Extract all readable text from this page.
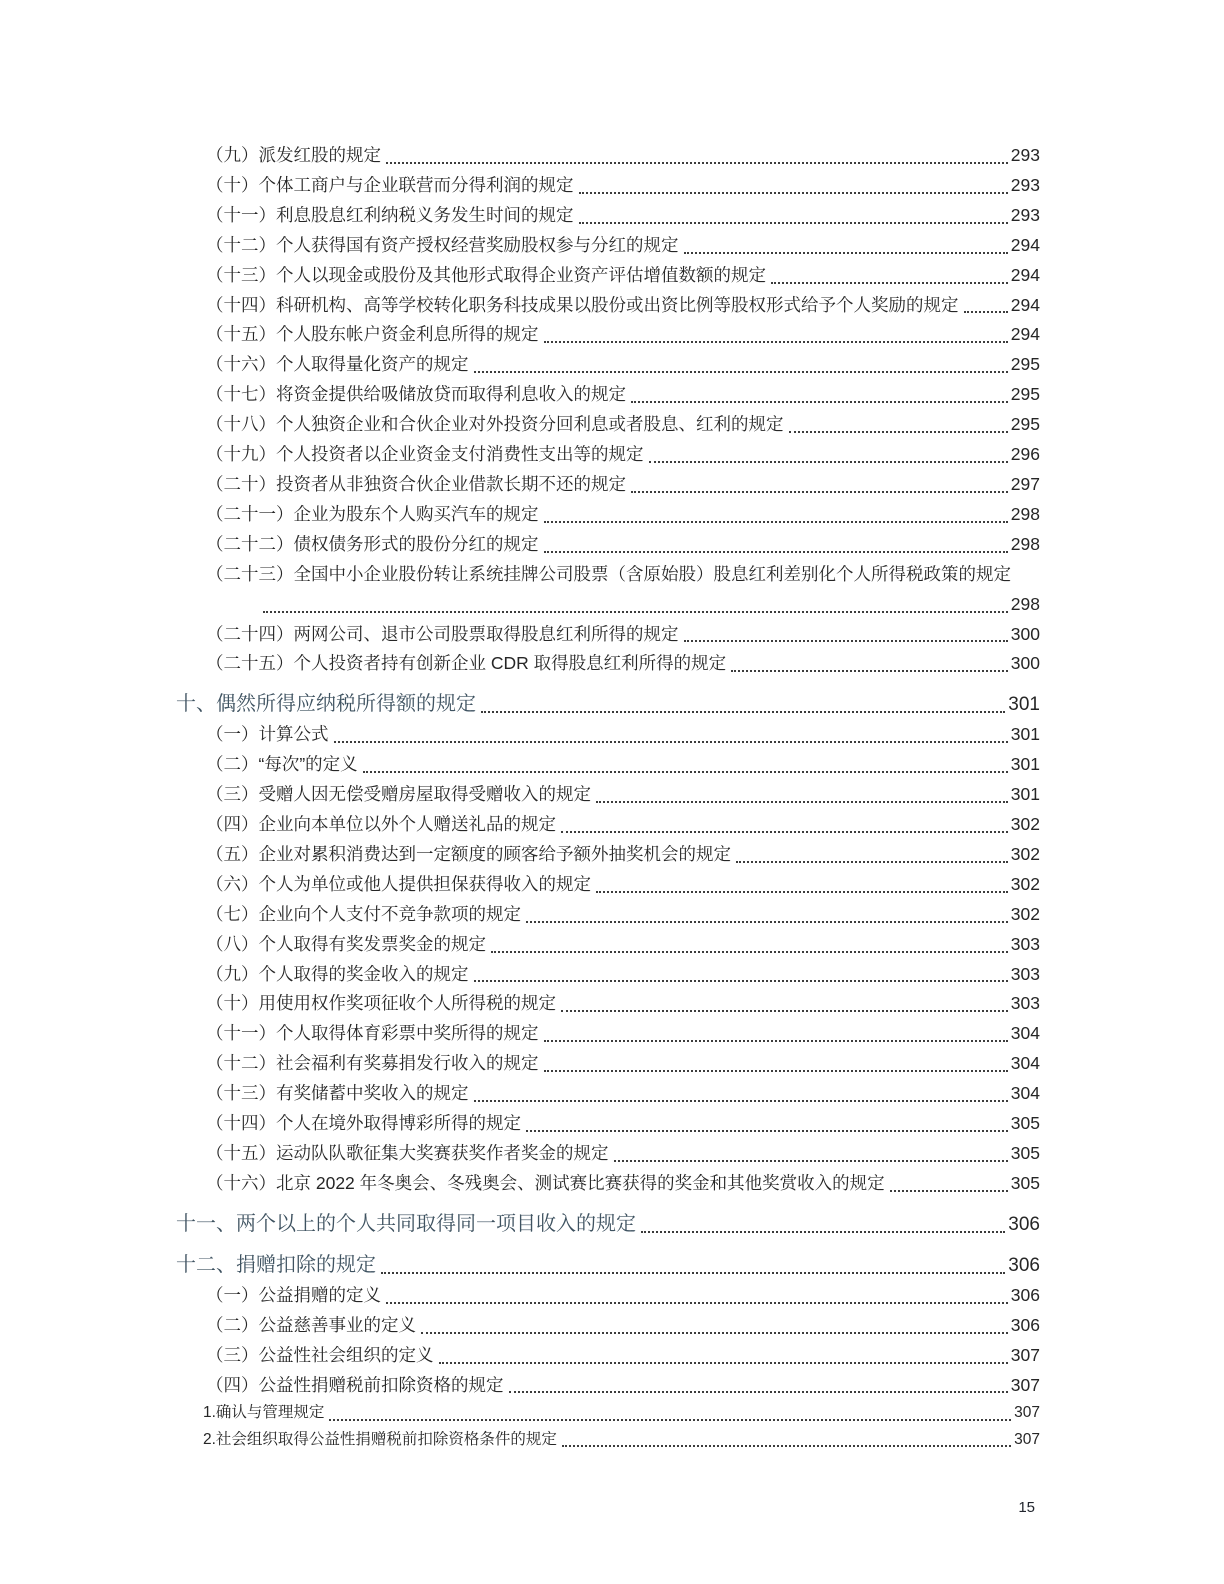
（九）派发红股的规定	293
（十）个体工商户与企业联营而分得利润的规定	293
（十一）利息股息红利纳税义务发生时间的规定	293
（十二）个人获得国有资产授权经营奖励股权参与分红的规定	294
（十三）个人以现金或股份及其他形式取得企业资产评估增值数额的规定	294
（十四）科研机构、高等学校转化职务科技成果以股份或出资比例等股权形式给予个人奖励的规定	294
（十五）个人股东帐户资金利息所得的规定	294
（十六）个人取得量化资产的规定	295
（十七）将资金提供给吸储放贷而取得利息收入的规定	295
（十八）个人独资企业和合伙企业对外投资分回利息或者股息、红利的规定	295
（十九）个人投资者以企业资金支付消费性支出等的规定	296
（二十）投资者从非独资合伙企业借款长期不还的规定	297
（二十一）企业为股东个人购买汽车的规定	298
（二十二）债权债务形式的股份分红的规定	298
（二十三）全国中小企业股份转让系统挂牌公司股票（含原始股）股息红利差别化个人所得税政策的规定
298
（二十四）两网公司、退市公司股票取得股息红利所得的规定	300
（二十五）个人投资者持有创新企业 CDR 取得股息红利所得的规定	300
十、偶然所得应纳税所得额的规定	301
（一）计算公式	301
（二）“每次”的定义	301
（三）受赠人因无偿受赠房屋取得受赠收入的规定	301
（四）企业向本单位以外个人赠送礼品的规定	302
（五）企业对累积消费达到一定额度的顾客给予额外抽奖机会的规定	302
（六）个人为单位或他人提供担保获得收入的规定	302
（七）企业向个人支付不竞争款项的规定	302
（八）个人取得有奖发票奖金的规定	303
（九）个人取得的奖金收入的规定	303
（十）用使用权作奖项征收个人所得税的规定	303
（十一）个人取得体育彩票中奖所得的规定	304
（十二）社会福利有奖募捐发行收入的规定	304
（十三）有奖储蓄中奖收入的规定	304
（十四）个人在境外取得博彩所得的规定	305
（十五）运动队队歌征集大奖赛获奖作者奖金的规定	305
（十六）北京 2022 年冬奥会、冬残奥会、测试赛比赛获得的奖金和其他奖赏收入的规定	305
十一、两个以上的个人共同取得同一项目收入的规定	306
十二、捐赠扣除的规定	306
（一）公益捐赠的定义	306
（二）公益慈善事业的定义	306
（三）公益性社会组织的定义	307
（四）公益性捐赠税前扣除资格的规定	307
1.确认与管理规定	307
2.社会组织取得公益性捐赠税前扣除资格条件的规定	307
15
